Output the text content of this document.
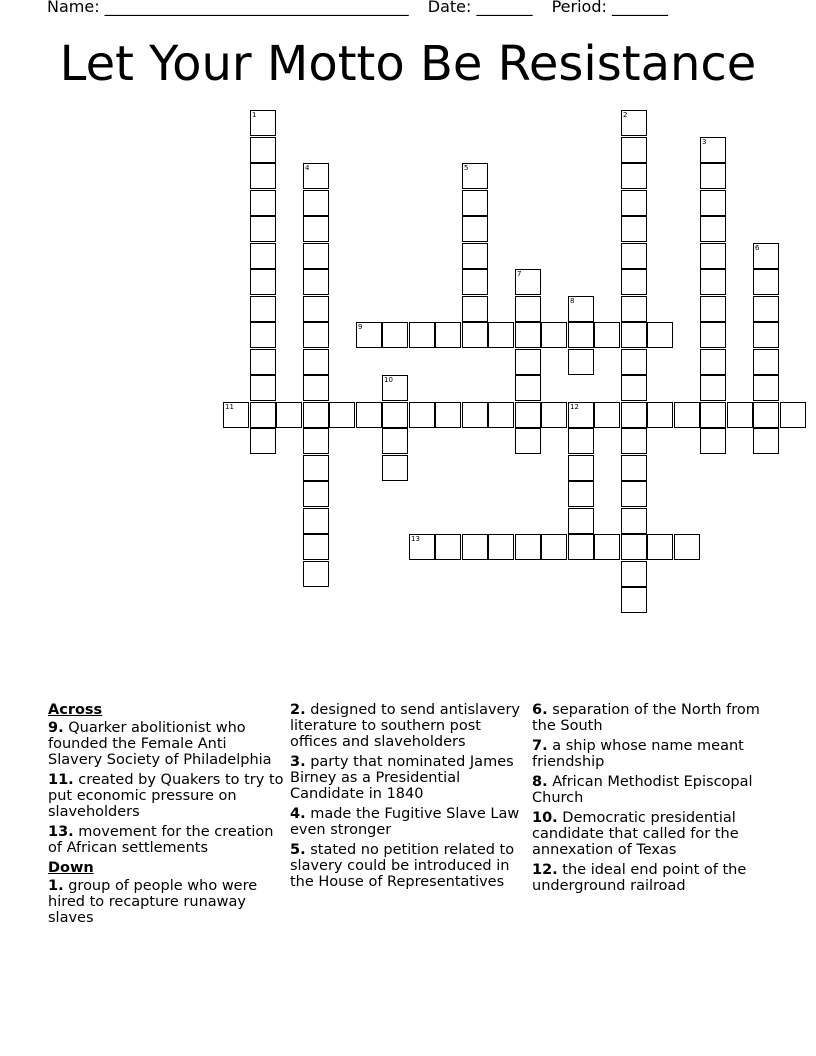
Name: ______________________________________ Date: _______ Period: _______
Let Your Motto Be Resistance
1	2
3
4	5
6
7
8
9
10
11	12
13
Across
9. Quarker abolitionist who founded the Female Anti Slavery Society of Philadelphia
11. created by Quakers to try to put economic pressure on slaveholders
13. movement for the creation of African settlements
Down
1. group of people who were hired to recapture runaway slaves
2. designed to send antislavery literature to southern post offices and slaveholders
3. party that nominated James Birney as a Presidential Candidate in 1840
4. made the Fugitive Slave Law even stronger
5. stated no petition related to slavery could be introduced in the House of Representatives
6. separation of the North from the South
7. a ship whose name meant friendship
8. African Methodist Episcopal Church
10. Democratic presidential candidate that called for the annexation of Texas
12. the ideal end point of the underground railroad
